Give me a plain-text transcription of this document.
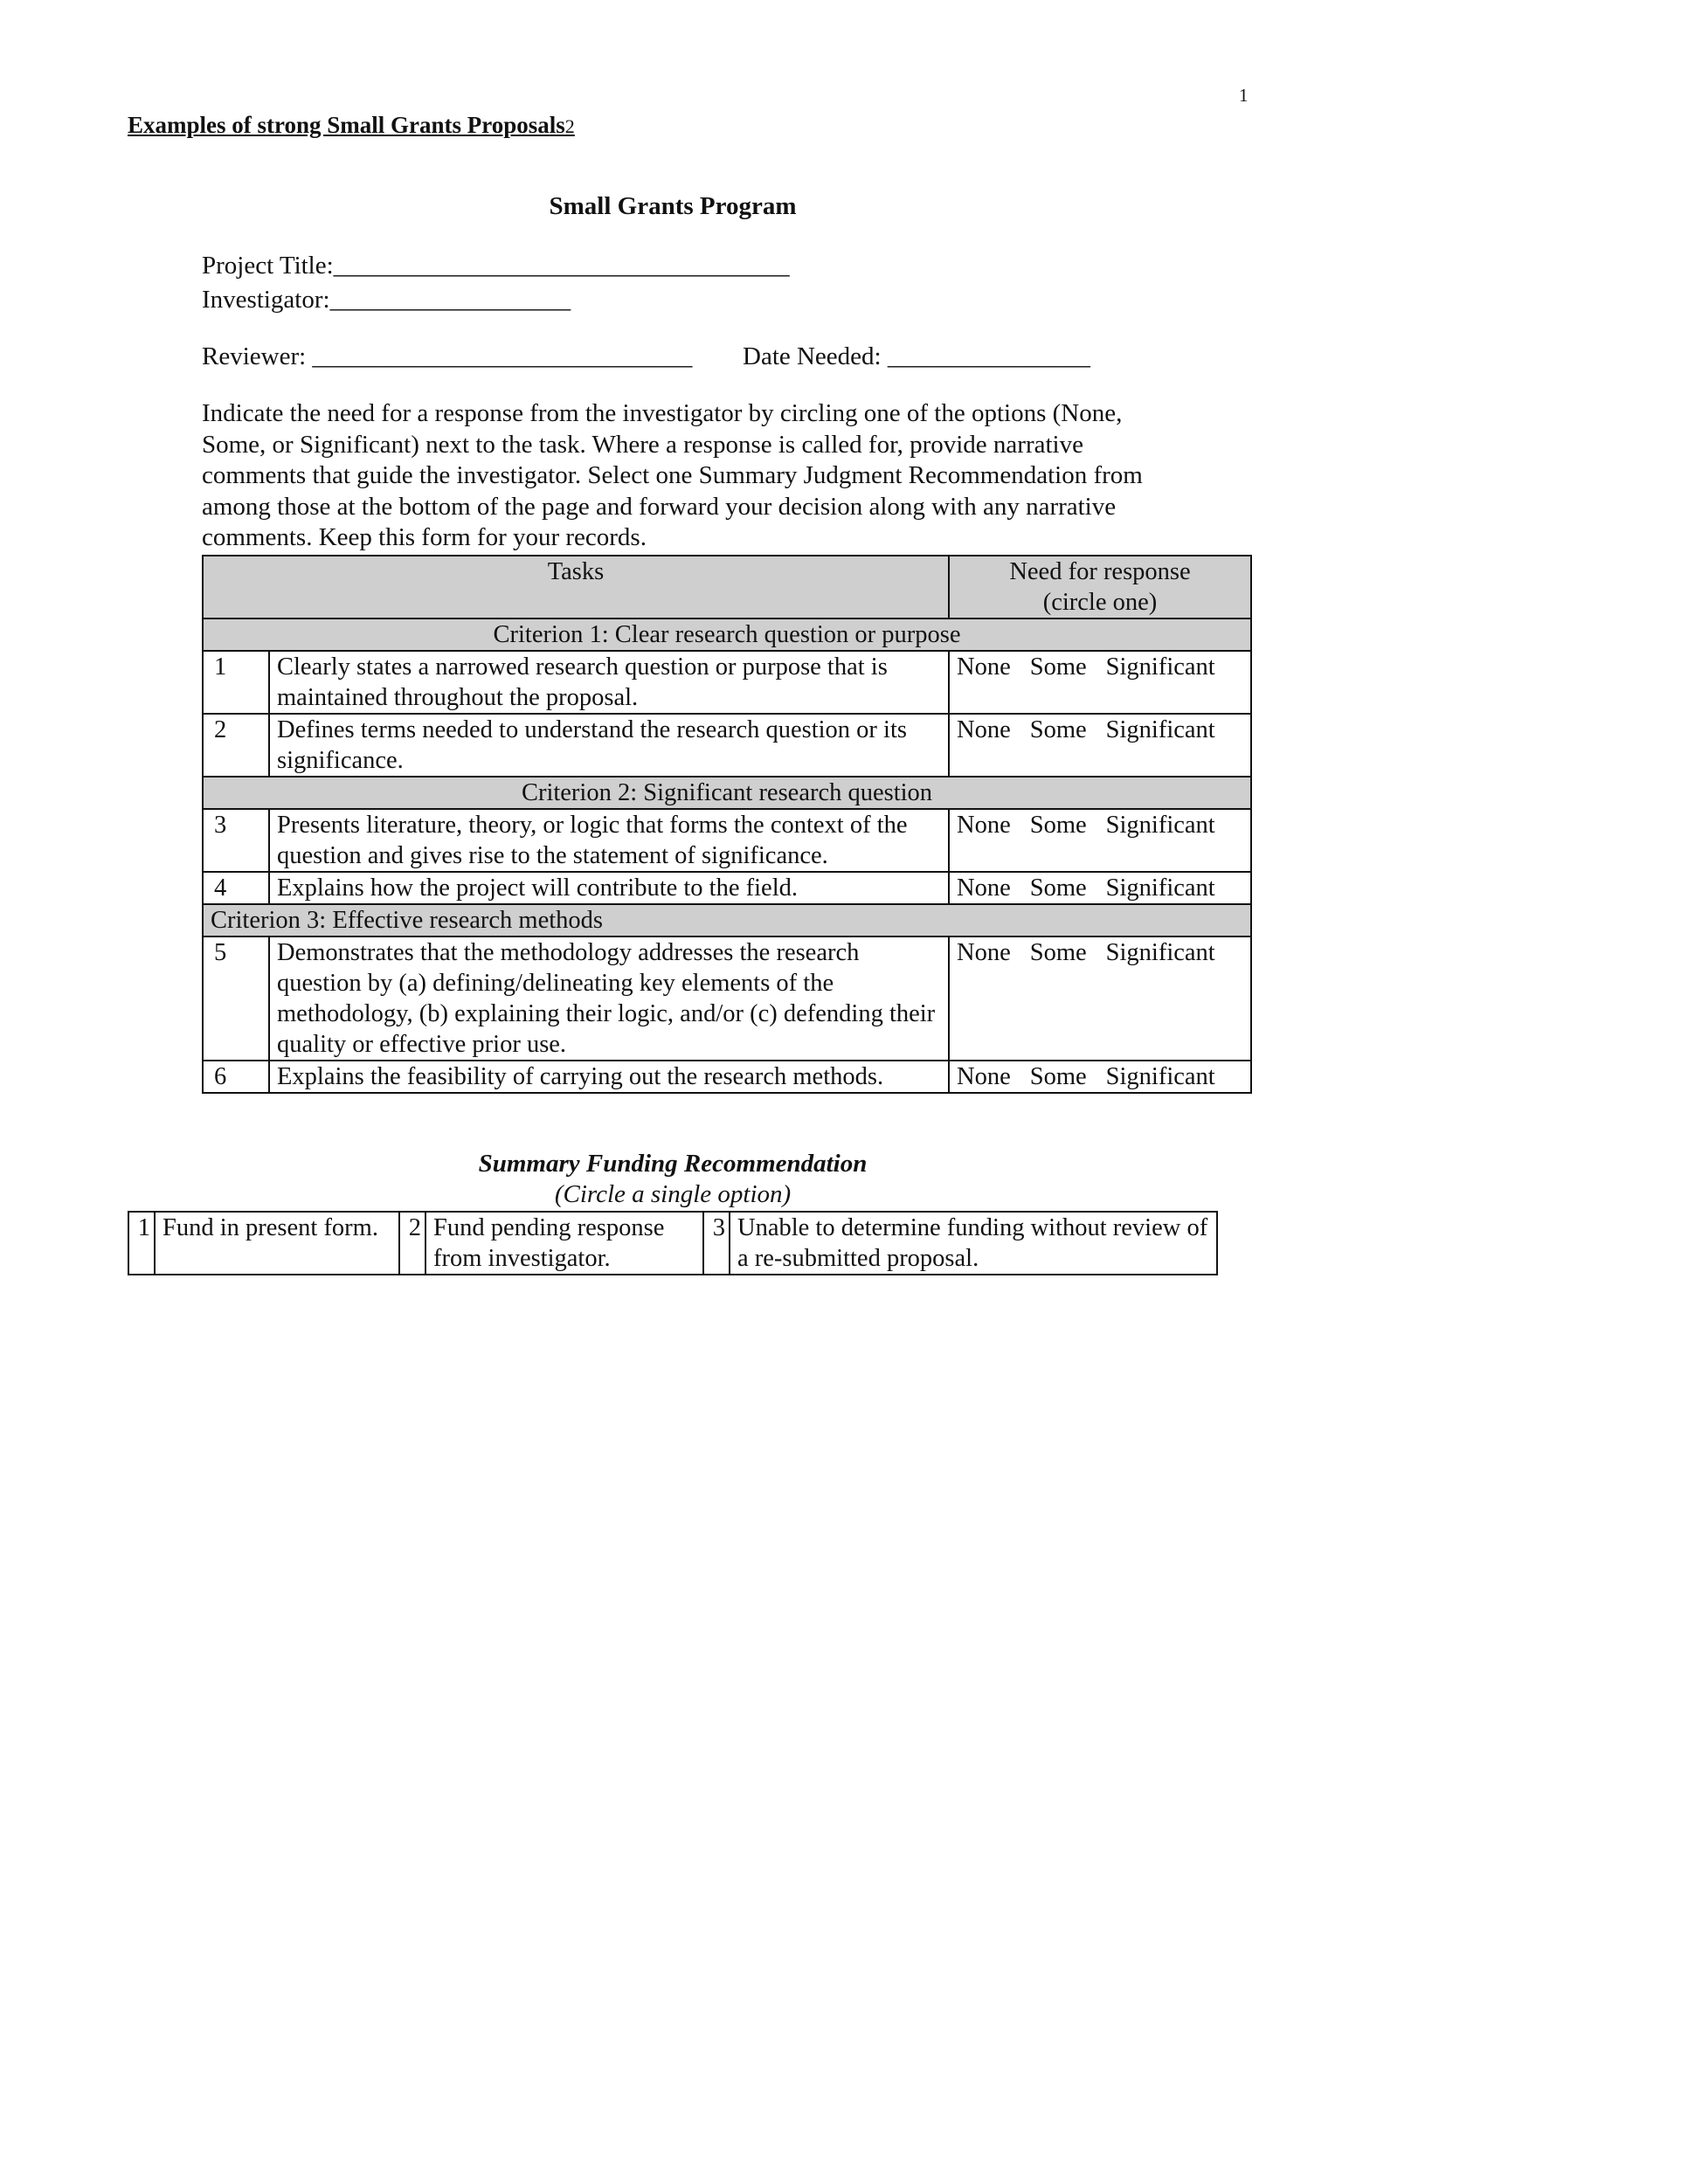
1
Examples of strong Small Grants Proposals2
Small Grants Program
Project Title:____________________________________
Investigator:___________________
Reviewer: ______________________________ Date Needed: ________________
Indicate the need for a response from the investigator by circling one of the options (None, Some, or Significant) next to the task. Where a response is called for, provide narrative comments that guide the investigator. Select one Summary Judgment Recommendation from among those at the bottom of the page and forward your decision along with any narrative comments. Keep this form for your records.
Tasks		Need for response
(circle one)

Criterion 1: Clear research question or purpose		
1	Clearly states a narrowed research question or purpose that is maintained throughout the proposal.	None Some Significant
2	Defines terms needed to understand the research question or its significance.	None Some Significant
Criterion 2: Significant research question		
3	Presents literature, theory, or logic that forms the context of the question and gives rise to the statement of significance.	None Some Significant
4	Explains how the project will contribute to the field.	None Some Significant
Criterion 3: Effective research methods		
5	Demonstrates that the methodology addresses the research question by (a) defining/delineating key elements of the methodology, (b) explaining their logic, and/or (c) defending their quality or effective prior use.	None Some Significant
6	Explains the feasibility of carrying out the research methods.	None Some Significant
Summary Funding Recommendation
(Circle a single option)
1	Fund in present form.	2	Fund pending response from investigator.	3	Unable to determine funding without review of a re-submitted proposal.
